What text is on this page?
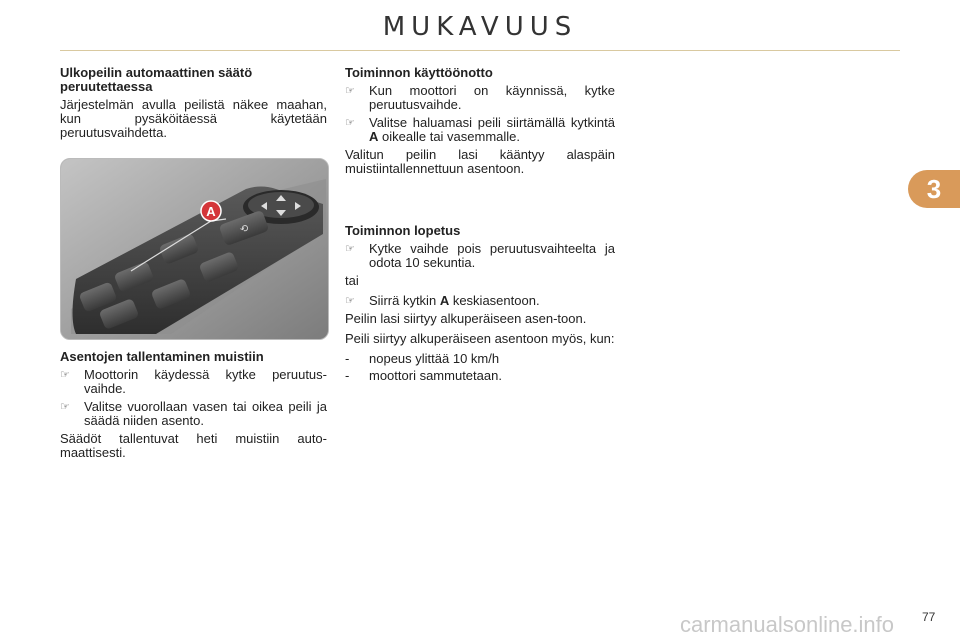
MUKAVUUS
Ulkopeilin automaattinen säätö peruutettaessa
Järjestelmän avulla peilistä näkee maahan, kun pysäköitäessä käytetään peruutusvaihdetta.
⟲
A
Asentojen tallentaminen muistiin
☞	Moottorin käydessä kytke peruutus-vaihde.
☞	Valitse vuorollaan vasen tai oikea peili ja säädä niiden asento.
Säädöt tallentuvat heti muistiin auto-maattisesti.
Toiminnon käyttöönotto
☞	Kun moottori on käynnissä, kytke peruutusvaihde.
☞	Valitse haluamasi peili siirtämällä kytkintä A oikealle tai vasemmalle.
Valitun peilin lasi kääntyy alaspäin muistiintallennettuun asentoon.
Toiminnon lopetus
☞	Kytke vaihde pois peruutusvaihteelta ja odota 10 sekuntia.
tai
☞	Siirrä kytkin A keskiasentoon.
Peilin lasi siirtyy alkuperäiseen asen-toon.
Peili siirtyy alkuperäiseen asentoon myös, kun:
-	nopeus ylittää 10 km/h
-	moottori sammutetaan.
3
77
carmanualsonline.info
